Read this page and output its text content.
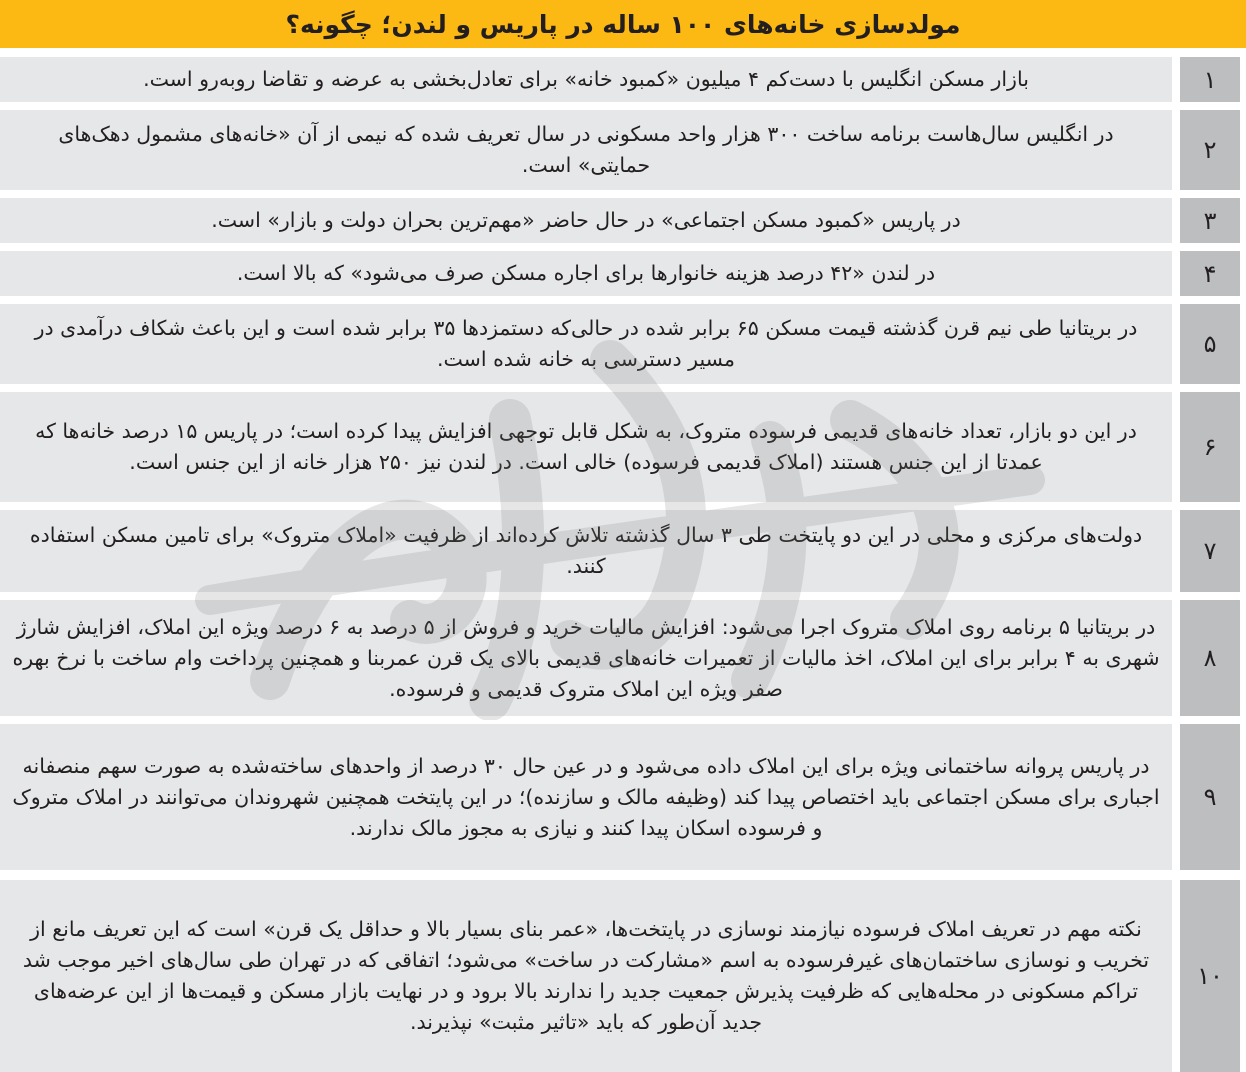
مولدسازی خانه‌های ۱۰۰ ساله در پاریس و لندن؛ چگونه؟
۱
بازار مسکن انگلیس با دست‌کم ۴ میلیون «کمبود خانه» برای تعادل‌بخشی به عرضه و تقاضا روبه‌رو است.
۲
در انگلیس سال‌هاست برنامه ساخت ۳۰۰ هزار واحد مسکونی در سال تعریف شده که نیمی از آن «خانه‌های مشمول دهک‌های حمایتی» است.
۳
در پاریس «کمبود مسکن اجتماعی» در حال حاضر «مهم‌ترین بحران دولت و بازار» است.
۴
در لندن «۴۲ درصد هزینه خانوارها برای اجاره مسکن صرف می‌شود» که بالا است.
۵
در بریتانیا طی نیم قرن گذشته قیمت مسکن ۶۵ برابر شده در حالی‌که دستمزدها ۳۵ برابر شده است و این باعث شکاف درآمدی در مسیر دسترسی به خانه شده است.
۶
در این دو بازار، تعداد خانه‌های قدیمی فرسوده متروک، به شکل قابل توجهی افزایش پیدا کرده است؛ در پاریس ۱۵ درصد خانه‌ها که عمدتا از این جنس هستند (املاک قدیمی فرسوده) خالی است. در لندن نیز ۲۵۰ هزار خانه از این جنس است.
۷
دولت‌های مرکزی و محلی در این دو پایتخت طی ۳ سال گذشته تلاش کرده‌اند از ظرفیت «املاک متروک» برای تامین مسکن استفاده کنند.
۸
در بریتانیا ۵ برنامه روی املاک متروک اجرا می‌شود: افزایش مالیات خرید و فروش از ۵ درصد به ۶ درصد ویژه این املاک، افزایش شارژ شهری به ۴ برابر برای این املاک، اخذ مالیات از تعمیرات خانه‌های قدیمی بالای یک قرن عمربنا و همچنین پرداخت وام ساخت با نرخ بهره صفر ویژه این املاک متروک قدیمی و فرسوده.
۹
در پاریس پروانه ساختمانی ویژه برای این املاک داده می‌شود و در عین حال ۳۰ درصد از واحدهای ساخته‌شده به صورت سهم منصفانه اجباری برای مسکن اجتماعی باید اختصاص پیدا کند (وظیفه مالک و سازنده)؛ در این پایتخت همچنین شهروندان می‌توانند در املاک متروک و فرسوده اسکان پیدا کنند و نیازی به مجوز مالک ندارند.
۱۰
نکته مهم در تعریف املاک فرسوده نیازمند نوسازی در پایتخت‌ها، «عمر بنای بسیار بالا و حداقل یک قرن» است که این تعریف مانع از تخریب و نوسازی ساختمان‌های غیرفرسوده به اسم «مشارکت در ساخت» می‌شود؛ اتفاقی که در تهران طی سال‌های اخیر موجب شد تراکم مسکونی در محله‌هایی که ظرفیت پذیرش جمعیت جدید را ندارند بالا برود و در نهایت بازار مسکن و قیمت‌ها از این عرضه‌های جدید آن‌طور که باید «تاثیر مثبت» نپذیرند.
